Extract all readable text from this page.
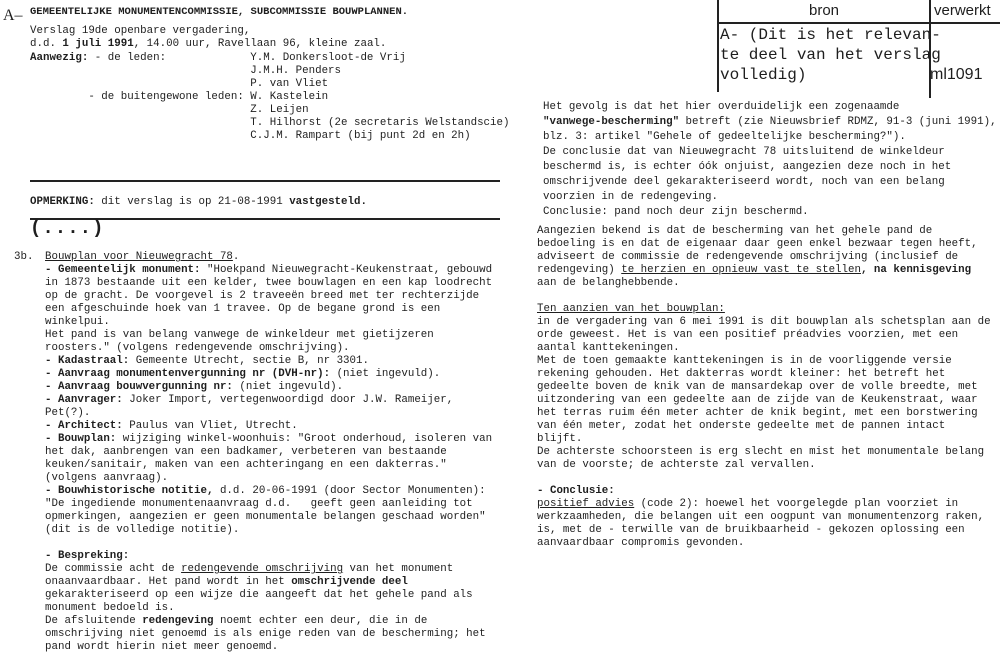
A– GEMEENTELIJKE MONUMENTENCOMMISSIE, SUBCOMMISSIE BOUWPLANNEN.
Verslag 19de openbare vergadering,
d.d. 1 juli 1991, 14.00 uur, Ravellaan 96, kleine zaal.
Aanwezig: - de leden:             Y.M. Donkersloot-de Vrij
J.M.H. Penders
P. van Vliet
- de buitengewone leden: W. Kastelein
Z. Leijen
T. Hilhorst (2e secretaris Welstandscie)
C.J.M. Rampart (bij punt 2d en 2h)
OPMERKING: dit verslag is op 21-08-1991 vastgesteld.
(....)
3b. Bouwplan voor Nieuwegracht 78.
- Gemeentelijk monument: "Hoekpand Nieuwegracht-Keukenstraat, gebouwd
in 1873 bestaande uit een kelder, twee bouwlagen en een kap loodrecht
op de gracht. De voorgevel is 2 traveeën breed met ter rechterzijde
een afgeschuinde hoek van 1 travee. Op de begane grond is een
winkelpui.
Het pand is van belang vanwege de winkeldeur met gietijzeren
roosters." (volgens redengevende omschrijving).
- Kadastraal: Gemeente Utrecht, sectie B, nr 3301.
- Aanvraag monumentenvergunning nr (DVH-nr): (niet ingevuld).
- Aanvraag bouwvergunning nr: (niet ingevuld).
- Aanvrager: Joker Import, vertegenwoordigd door J.W. Rameijer,
Pet(?).
- Architect: Paulus van Vliet, Utrecht.
- Bouwplan: wijziging winkel-woonhuis: "Groot onderhoud, isoleren van
het dak, aanbrengen van een badkamer, verbeteren van bestaande
keuken/sanitair, maken van een achteringang en een dakterras."
(volgens aanvraag).
- Bouwhistorische notitie, d.d. 20-06-1991 (door Sector Monumenten):
"De ingediende monumentenaanvraag d.d.   geeft geen aanleiding tot
opmerkingen, aangezien er geen monumentale belangen geschaad worden"
(dit is de volledige notitie).

- Bespreking:
De commissie acht de redengevende omschrijving van het monument
onaanvaardbaar. Het pand wordt in het omschrijvende deel
gekarakteriseerd op een wijze die aangeeft dat het gehele pand als
monument bedoeld is.
De afsluitende redengeving noemt echter een deur, die in de
omschrijving niet genoemd is als enige reden van de bescherming; het
pand wordt hierin niet meer genoemd.
bron	verwerkt
A- (Dit is het relevan-
te deel van het verslag
volledig)	ml1091
Het gevolg is dat het hier overduidelijk een zogenaamde
"vanwege-bescherming" betreft (zie Nieuwsbrief RDMZ, 91-3 (juni 1991),
blz. 3: artikel "Gehele of gedeeltelijke bescherming?").
De conclusie dat van Nieuwegracht 78 uitsluitend de winkeldeur
beschermd is, is echter óók onjuist, aangezien deze noch in het
omschrijvende deel gekarakteriseerd wordt, noch van een belang
voorzien in de redengeving.
Conclusie: pand noch deur zijn beschermd.
Aangezien bekend is dat de bescherming van het gehele pand de
bedoeling is en dat de eigenaar daar geen enkel bezwaar tegen heeft,
adviseert de commissie de redengevende omschrijving (inclusief de
redengeving) te herzien en opnieuw vast te stellen, na kennisgeving
aan de belanghebbende.

Ten aanzien van het bouwplan:
in de vergadering van 6 mei 1991 is dit bouwplan als schetsplan aan de
orde geweest. Het is van een positief préadvies voorzien, met een
aantal kanttekeningen.
Met de toen gemaakte kanttekeningen is in de voorliggende versie
rekening gehouden. Het dakterras wordt kleiner: het betreft het
gedeelte boven de knik van de mansardekap over de volle breedte, met
uitzondering van een gedeelte aan de zijde van de Keukenstraat, waar
het terras ruim één meter achter de knik begint, met een borstwering
van één meter, zodat het onderste gedeelte met de pannen intact
blijft.
De achterste schoorsteen is erg slecht en mist het monumentale belang
van de voorste; de achterste zal vervallen.

- Conclusie:
positief advies (code 2): hoewel het voorgelegde plan voorziet in
werkzaamheden, die belangen uit een oogpunt van monumentenzorg raken,
is, met de - terwille van de bruikbaarheid - gekozen oplossing een
aanvaardbaar compromis gevonden.
